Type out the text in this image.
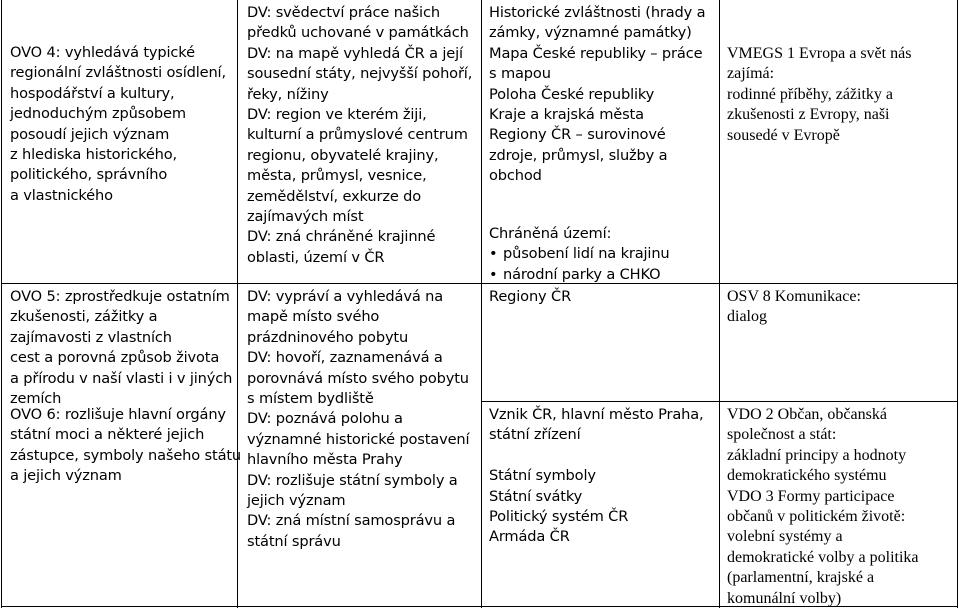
OVO 4: vyhledává typické
regionální zvláštnosti osídlení,
hospodářství a kultury,
jednoduchým způsobem
posoudí jejich význam
z hlediska historického,
politického, správního
a vlastnického
OVO 5: zprostředkuje ostatním
zkušenosti, zážitky a
zajímavosti z vlastních
cest a porovná způsob života
a přírodu v naší vlasti i v jiných
zemích
OVO 6: rozlišuje hlavní orgány
státní moci a některé jejich
zástupce, symboly našeho státu
a jejich význam
DV: svědectví práce našich
předků uchované v památkách
DV: na mapě vyhledá ČR a její
sousední státy, nejvyšší pohoří,
řeky, nížiny
DV: region ve kterém žiji,
kulturní a průmyslové centrum
regionu, obyvatelé krajiny,
města, průmysl, vesnice,
zemědělství, exkurze do
zajímavých míst
DV: zná chráněné krajinné
oblasti, území v ČR
DV: vypráví a vyhledává na
mapě místo svého
prázdninového pobytu
DV: hovoří, zaznamenává a
porovnává místo svého pobytu
s místem bydliště
DV: poznává polohu a
významné historické postavení
hlavního města Prahy
DV: rozlišuje státní symboly a
jejich význam
DV: zná místní samosprávu a
státní správu
Historické zvláštnosti (hrady a
zámky, významné památky)
Mapa České republiky – práce
s mapou
Poloha České republiky
Kraje a krajská města
Regiony ČR – surovinové
zdroje, průmysl, služby a
obchod
Chráněná území:
• působení lidí na krajinu
• národní parky a CHKO
Regiony ČR
Vznik ČR, hlavní město Praha,
státní zřízení
Státní symboly
Státní svátky
Politický systém ČR
Armáda ČR
VMEGS 1 Evropa a svět nás
zajímá:
rodinné příběhy, zážitky a
zkušenosti z Evropy, naši
sousedé v Evropě
OSV 8 Komunikace:
dialog
VDO 2 Občan, občanská
společnost a stát:
základní principy a hodnoty
demokratického systému
VDO 3 Formy participace
občanů v politickém životě:
volební systémy a
demokratické volby a politika
(parlamentní, krajské a
komunální volby)
